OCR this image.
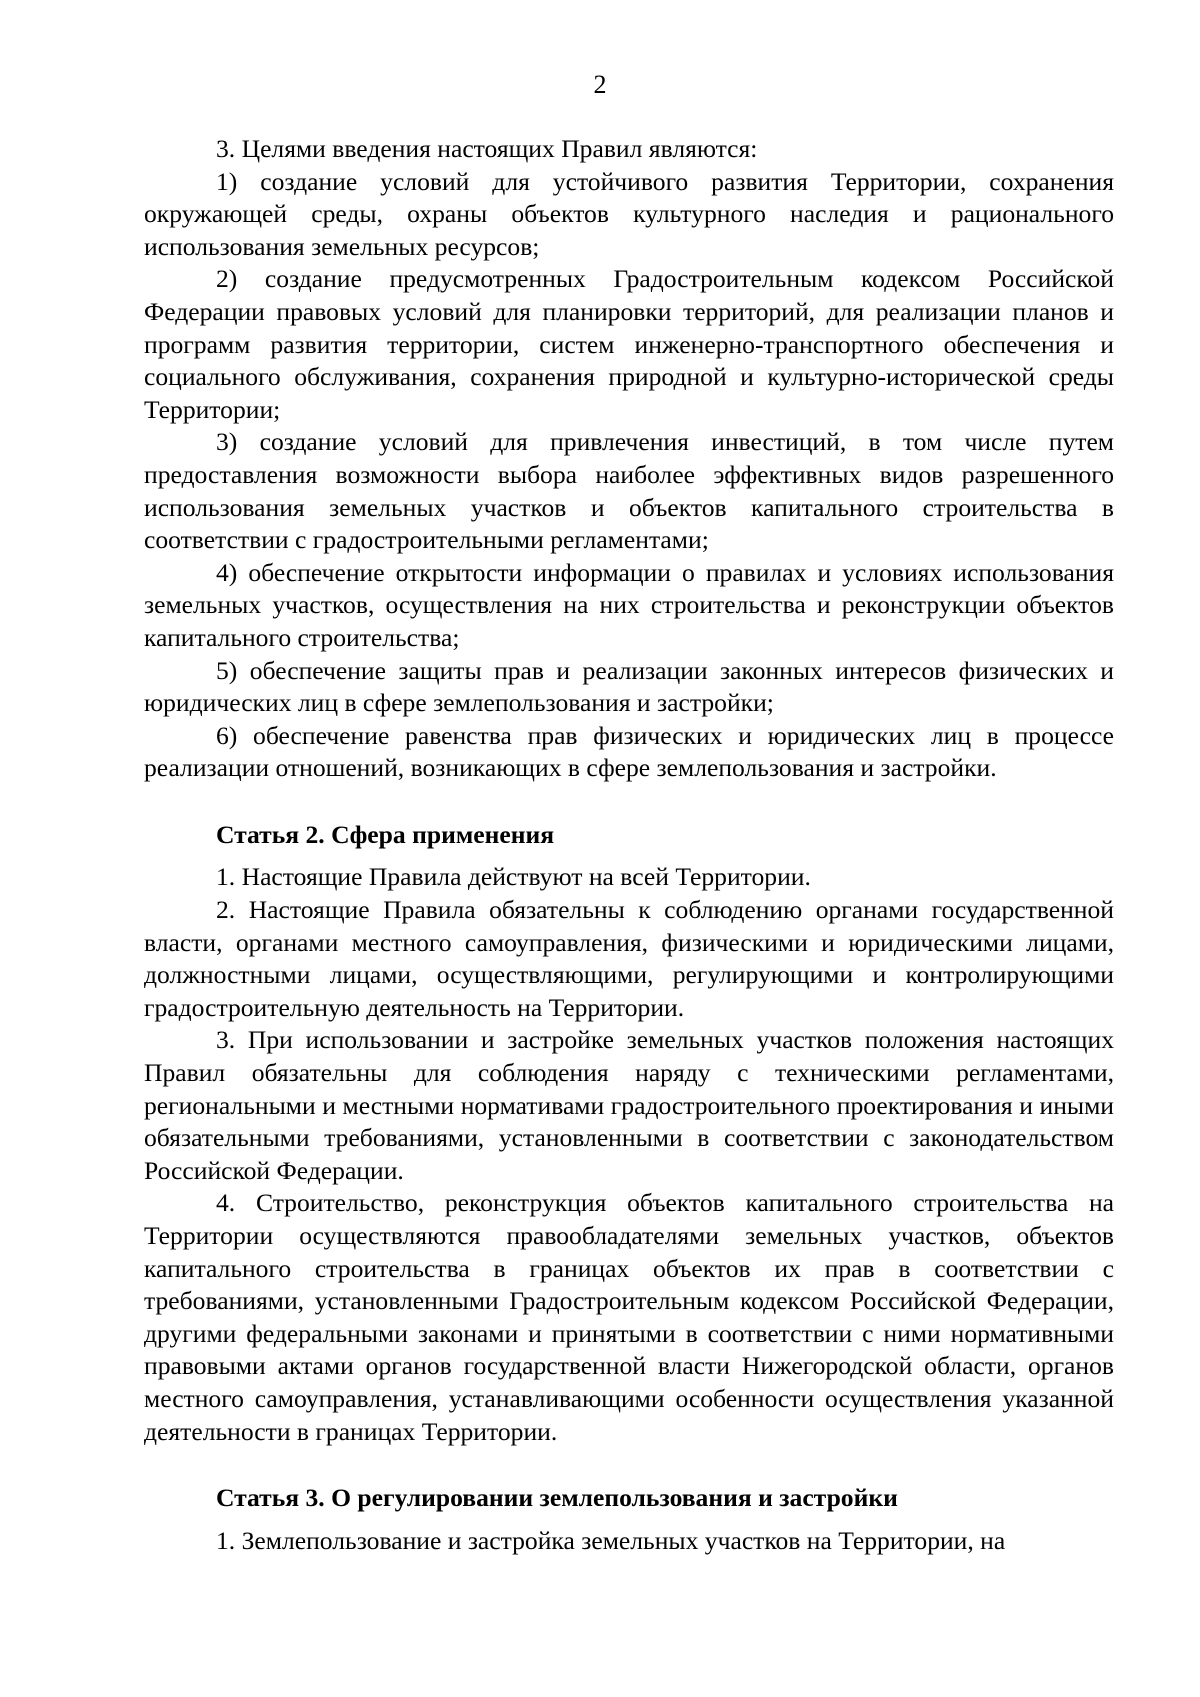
2

3. Целями введения настоящих Правил являются:

1) создание условий для устойчивого развития Территории, сохранения окружающей среды, охраны объектов культурного наследия и рационального использования земельных ресурсов;

2) создание предусмотренных Градостроительным кодексом Российской Федерации правовых условий для планировки территорий, для реализации планов и программ развития территории, систем инженерно-транспортного обеспечения и социального обслуживания, сохранения природной и культурно-исторической среды Территории;

3) создание условий для привлечения инвестиций, в том числе путем предоставления возможности выбора наиболее эффективных видов разрешенного использования земельных участков и объектов капитального строительства в соответствии с градостроительными регламентами;

4) обеспечение открытости информации о правилах и условиях использования земельных участков, осуществления на них строительства и реконструкции объектов капитального строительства;

5) обеспечение защиты прав и реализации законных интересов физических и юридических лиц в сфере землепользования и застройки;

6) обеспечение равенства прав физических и юридических лиц в процессе реализации отношений, возникающих в сфере землепользования и застройки.

Статья 2. Сфера применения

1. Настоящие Правила действуют на всей Территории.

2. Настоящие Правила обязательны к соблюдению органами государственной власти, органами местного самоуправления, физическими и юридическими лицами, должностными лицами, осуществляющими, регулирующими и контролирующими градостроительную деятельность на Территории.

3. При использовании и застройке земельных участков положения настоящих Правил обязательны для соблюдения наряду с техническими регламентами, региональными и местными нормативами градостроительного проектирования и иными обязательными требованиями, установленными в соответствии с законодательством Российской Федерации.

4. Строительство, реконструкция объектов капитального строительства на Территории осуществляются правообладателями земельных участков, объектов капитального строительства в границах объектов их прав в соответствии с требованиями, установленными Градостроительным кодексом Российской Федерации, другими федеральными законами и принятыми в соответствии с ними нормативными правовыми актами органов государственной власти Нижегородской области, органов местного самоуправления, устанавливающими особенности осуществления указанной деятельности в границах Территории.

Статья 3. О регулировании землепользования и застройки

1. Землепользование и застройка земельных участков на Территории, на
